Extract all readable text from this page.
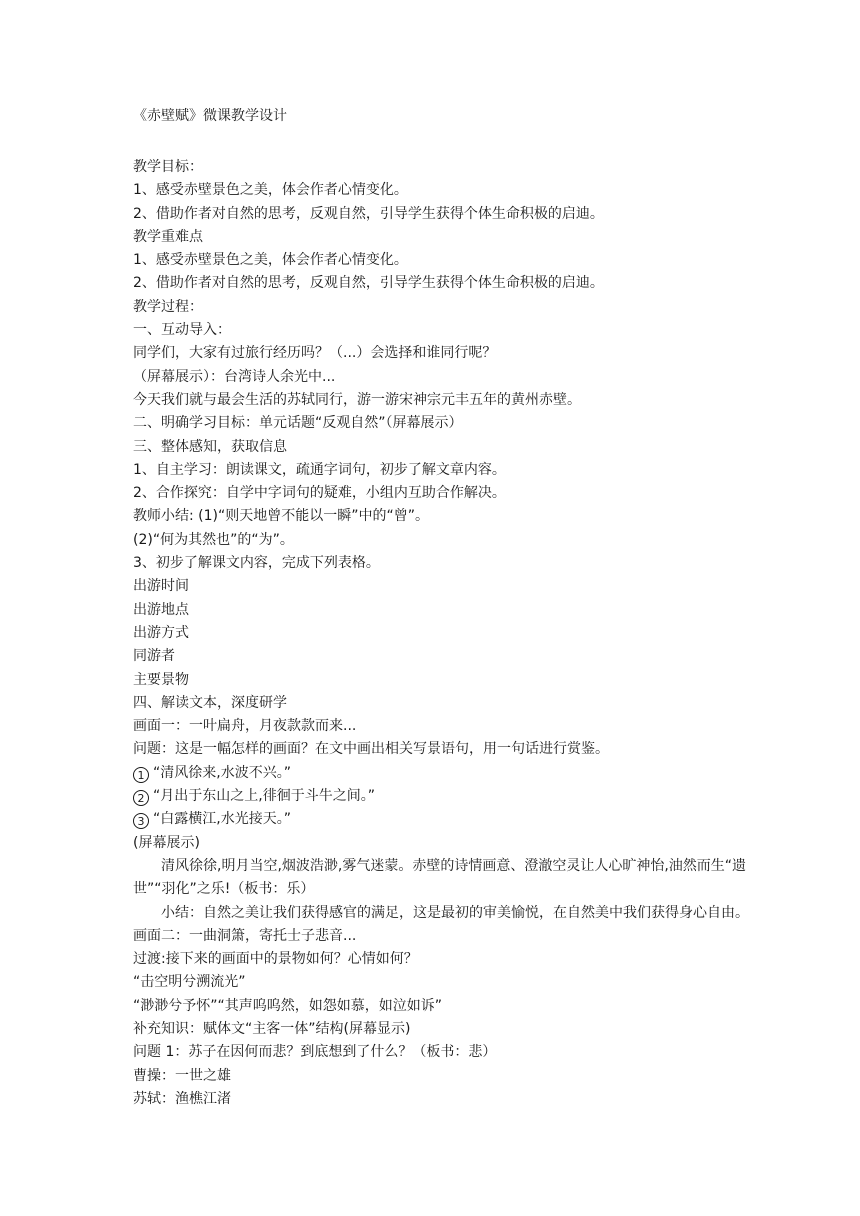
《赤壁赋》微课教学设计
教学目标：
1、感受赤壁景色之美，体会作者心情变化。
2、借助作者对自然的思考，反观自然，引导学生获得个体生命积极的启迪。
教学重难点
1、感受赤壁景色之美，体会作者心情变化。
2、借助作者对自然的思考，反观自然，引导学生获得个体生命积极的启迪。
教学过程：
一、互动导入：
同学们，大家有过旅行经历吗？（...）会选择和谁同行呢？
（屏幕展示）：台湾诗人余光中...
今天我们就与最会生活的苏轼同行，游一游宋神宗元丰五年的黄州赤壁。
二、明确学习目标：单元话题“反观自然”（屏幕展示）
三、整体感知，获取信息
1、自主学习：朗读课文，疏通字词句，初步了解文章内容。
2、合作探究：自学中字词句的疑难，小组内互助合作解决。
教师小结: (1)“则天地曾不能以一瞬”中的“曾”。
(2)“何为其然也”的“为”。
3、初步了解课文内容，完成下列表格。
出游时间
出游地点
出游方式
同游者
主要景物
四、解读文本，深度研学
画面一：一叶扁舟，月夜款款而来...
问题：这是一幅怎样的画面？在文中画出相关写景语句，用一句话进行赏鉴。
1 “清风徐来,水波不兴。”
2 “月出于东山之上,徘徊于斗牛之间。”
3 “白露横江,水光接天。”
(屏幕展示)
清风徐徐,明月当空,烟波浩渺,雾气迷蒙。赤壁的诗情画意、澄澈空灵让人心旷神怡,油然而生“遗世”“羽化”之乐!（板书：乐）
小结：自然之美让我们获得感官的满足，这是最初的审美愉悦，在自然美中我们获得身心自由。
画面二：一曲洞箫，寄托士子悲音...
过渡:接下来的画面中的景物如何？心情如何？
“击空明兮溯流光”
“渺渺兮予怀”“其声呜呜然，如怨如慕，如泣如诉”
补充知识：赋体文“主客一体”结构(屏幕显示)
问题 1：苏子在因何而悲？到底想到了什么？（板书：悲）
曹操：一世之雄
苏轼：渔樵江渚
